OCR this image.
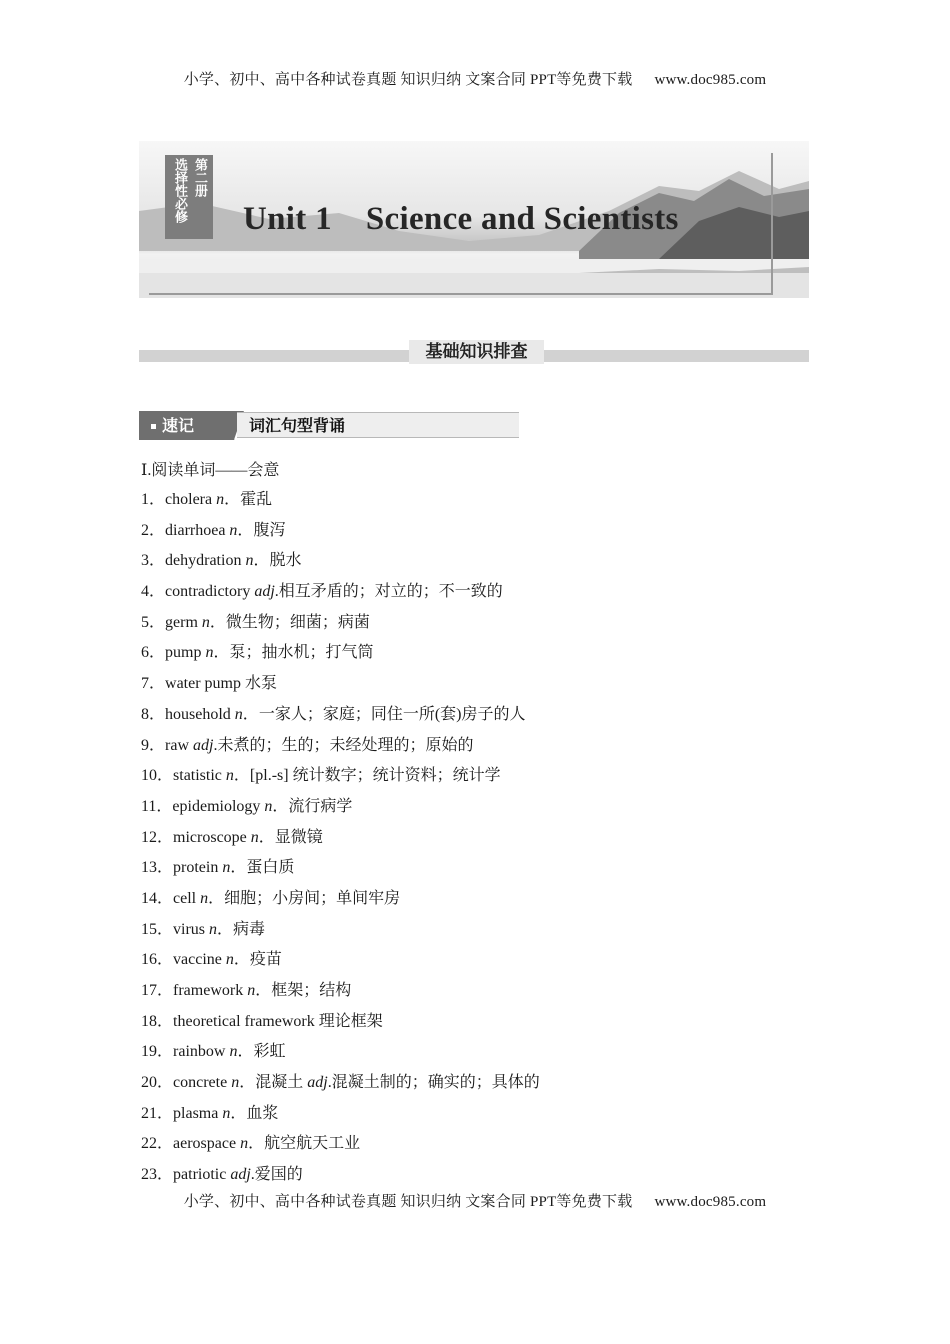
小学、初中、高中各种试卷真题 知识归纳 文案合同 PPT等免费下载 www.doc985.com
选择性必修 第二册
Unit 1 Science and Scientists
基础知识排查
速记	词汇句型背诵
Ⅰ.阅读单词——会意
1．cholera n．霍乱
2．diarrhoea n．腹泻
3．dehydration n．脱水
4．contradictory adj.相互矛盾的；对立的；不一致的
5．germ n．微生物；细菌；病菌
6．pump n．泵；抽水机；打气筒
7．water pump 水泵
8．household n．一家人；家庭；同住一所(套)房子的人
9．raw adj.未煮的；生的；未经处理的；原始的
10．statistic n．[pl.-s] 统计数字；统计资料；统计学
11．epidemiology n．流行病学
12．microscope n．显微镜
13．protein n．蛋白质
14．cell n．细胞；小房间；单间牢房
15．virus n．病毒
16．vaccine n．疫苗
17．framework n．框架；结构
18．theoretical framework 理论框架
19．rainbow n．彩虹
20．concrete n．混凝土 adj.混凝土制的；确实的；具体的
21．plasma n．血浆
22．aerospace n．航空航天工业
23．patriotic adj.爱国的
小学、初中、高中各种试卷真题 知识归纳 文案合同 PPT等免费下载 www.doc985.com
